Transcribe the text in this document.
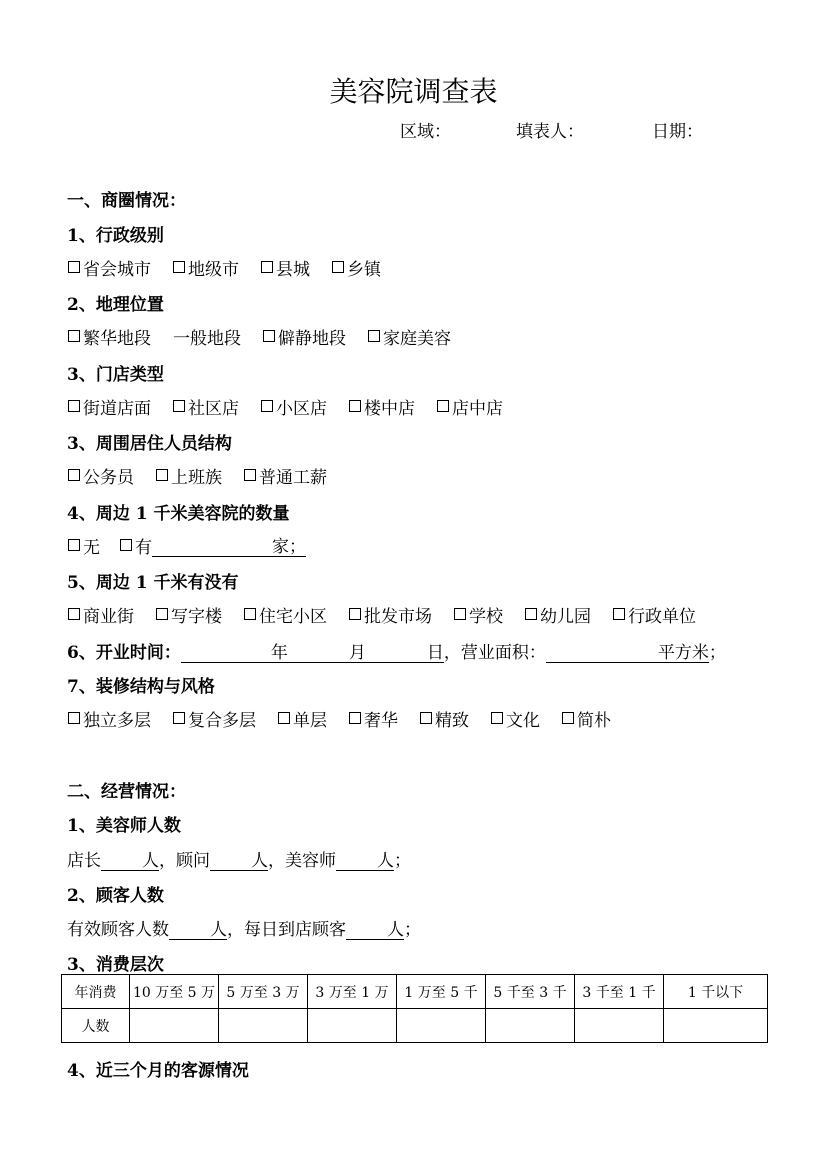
美容院调查表
区域：	填表人：	日期：
一、商圈情况：
1、行政级别
省会城市 地级市 县城 乡镇
2、地理位置
繁华地段 一般地段 僻静地段 家庭美容
3、门店类型
街道店面 社区店 小区店 楼中店 店中店
3、周围居住人员结构
公务员 上班族 普通工薪
4、周边 1 千米美容院的数量
无 有	家；
5、周边 1 千米有没有
商业街 写字楼 住宅小区 批发市场 学校 幼儿园 行政单位
6、开业时间：	年	月	日，营业面积：	平方米；
7、装修结构与风格
独立多层 复合多层 单层 奢华 精致 文化 简朴
二、经营情况：
1、美容师人数
店长 人，顾问 人，美容师 人；
2、顾客人数
有效顾客人数 人，每日到店顾客 人；
3、消费层次
年消费	10 万至 5 万	5 万至 3 万	3 万至 1 万	1 万至 5 千	5 千至 3 千	3 千至 1 千	1 千以下
人数							
4、近三个月的客源情况
